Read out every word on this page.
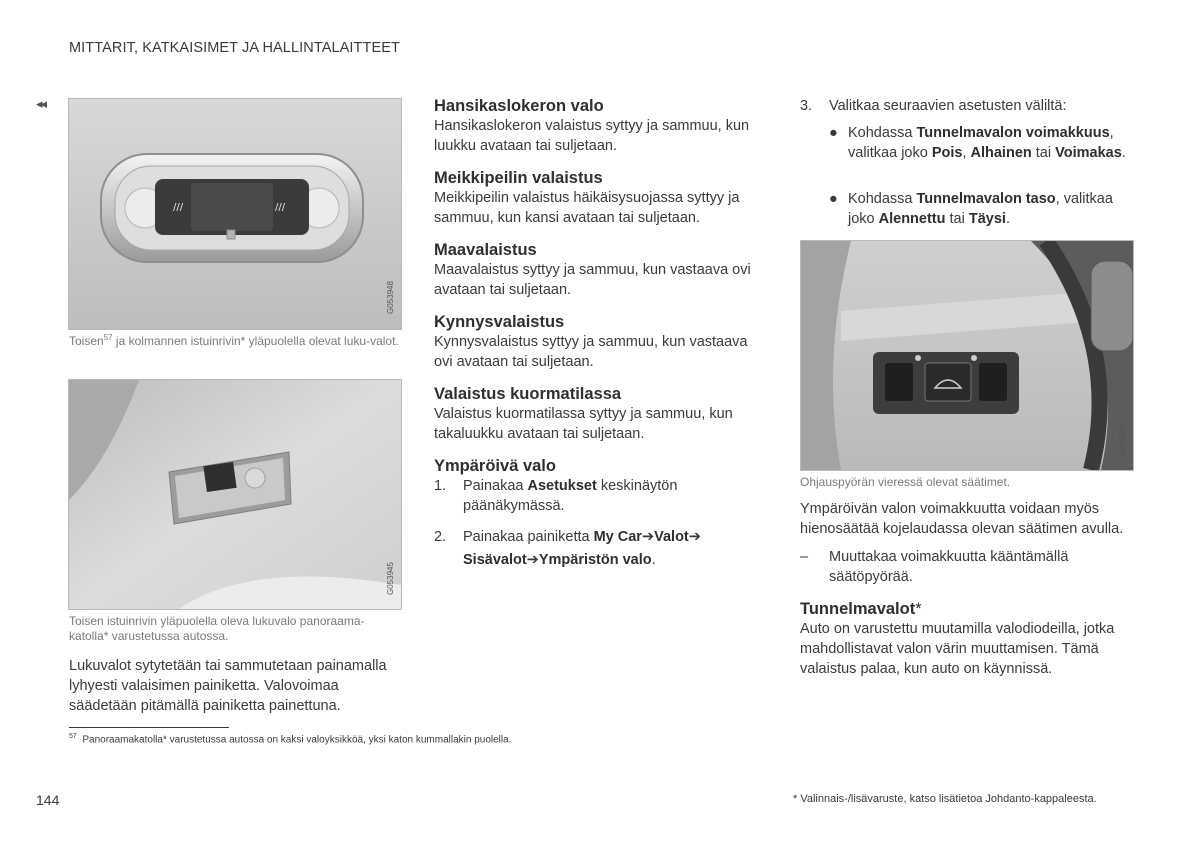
MITTARIT, KATKAISIMET JA HALLINTALAITTEET
◂◂
///	///
G053948
Toisen$^{57}$ ja kolmannen istuinrivin* yläpuolella olevat luku-valot.
G053945
Toisen istuinrivin yläpuolella oleva lukuvalo panoraama-katolla* varustetussa autossa.
Lukuvalot sytytetään tai sammutetaan painamalla lyhyesti valaisimen painiketta. Valovoimaa säädetään pitämällä painiketta painettuna.
Hansikaslokeron valo
Hansikaslokeron valaistus syttyy ja sammuu, kun luukku avataan tai suljetaan.
Meikkipeilin valaistus
Meikkipeilin valaistus häikäisysuojassa syttyy ja sammuu, kun kansi avataan tai suljetaan.
Maavalaistus
Maavalaistus syttyy ja sammuu, kun vastaava ovi avataan tai suljetaan.
Kynnysvalaistus
Kynnysvalaistus syttyy ja sammuu, kun vastaava ovi avataan tai suljetaan.
Valaistus kuormatilassa
Valaistus kuormatilassa syttyy ja sammuu, kun takaluukku avataan tai suljetaan.
Ympäröivä valo
1.	Painakaa Asetukset keskinäytön päänäkymässä.
2.	Painakaa painiketta My Car➔Valot➔ Sisävalot➔Ympäristön valo.
3.	Valitkaa seuraavien asetusten väliltä:
● Kohdassa Tunnelmavalon voimakkuus, valitkaa joko Pois, Alhainen tai Voimakas.
● Kohdassa Tunnelmavalon taso, valitkaa joko Alennettu tai Täysi.
G055041
Ohjauspyörän vieressä olevat säätimet.
Ympäröivän valon voimakkuutta voidaan myös hienosäätää kojelaudassa olevan säätimen avulla.
–	Muuttakaa voimakkuutta kääntämällä säätöpyörää.
Tunnelmavalot*
Auto on varustettu muutamilla valodiodeilla, jotka mahdollistavat valon värin muuttamisen. Tämä valaistus palaa, kun auto on käynnissä.
$^{57}$ Panoraamakatolla* varustetussa autossa on kaksi valoyksikköä, yksi katon kummallakin puolella.
144	* Valinnais-/lisävaruste, katso lisätietoa Johdanto-kappaleesta.
